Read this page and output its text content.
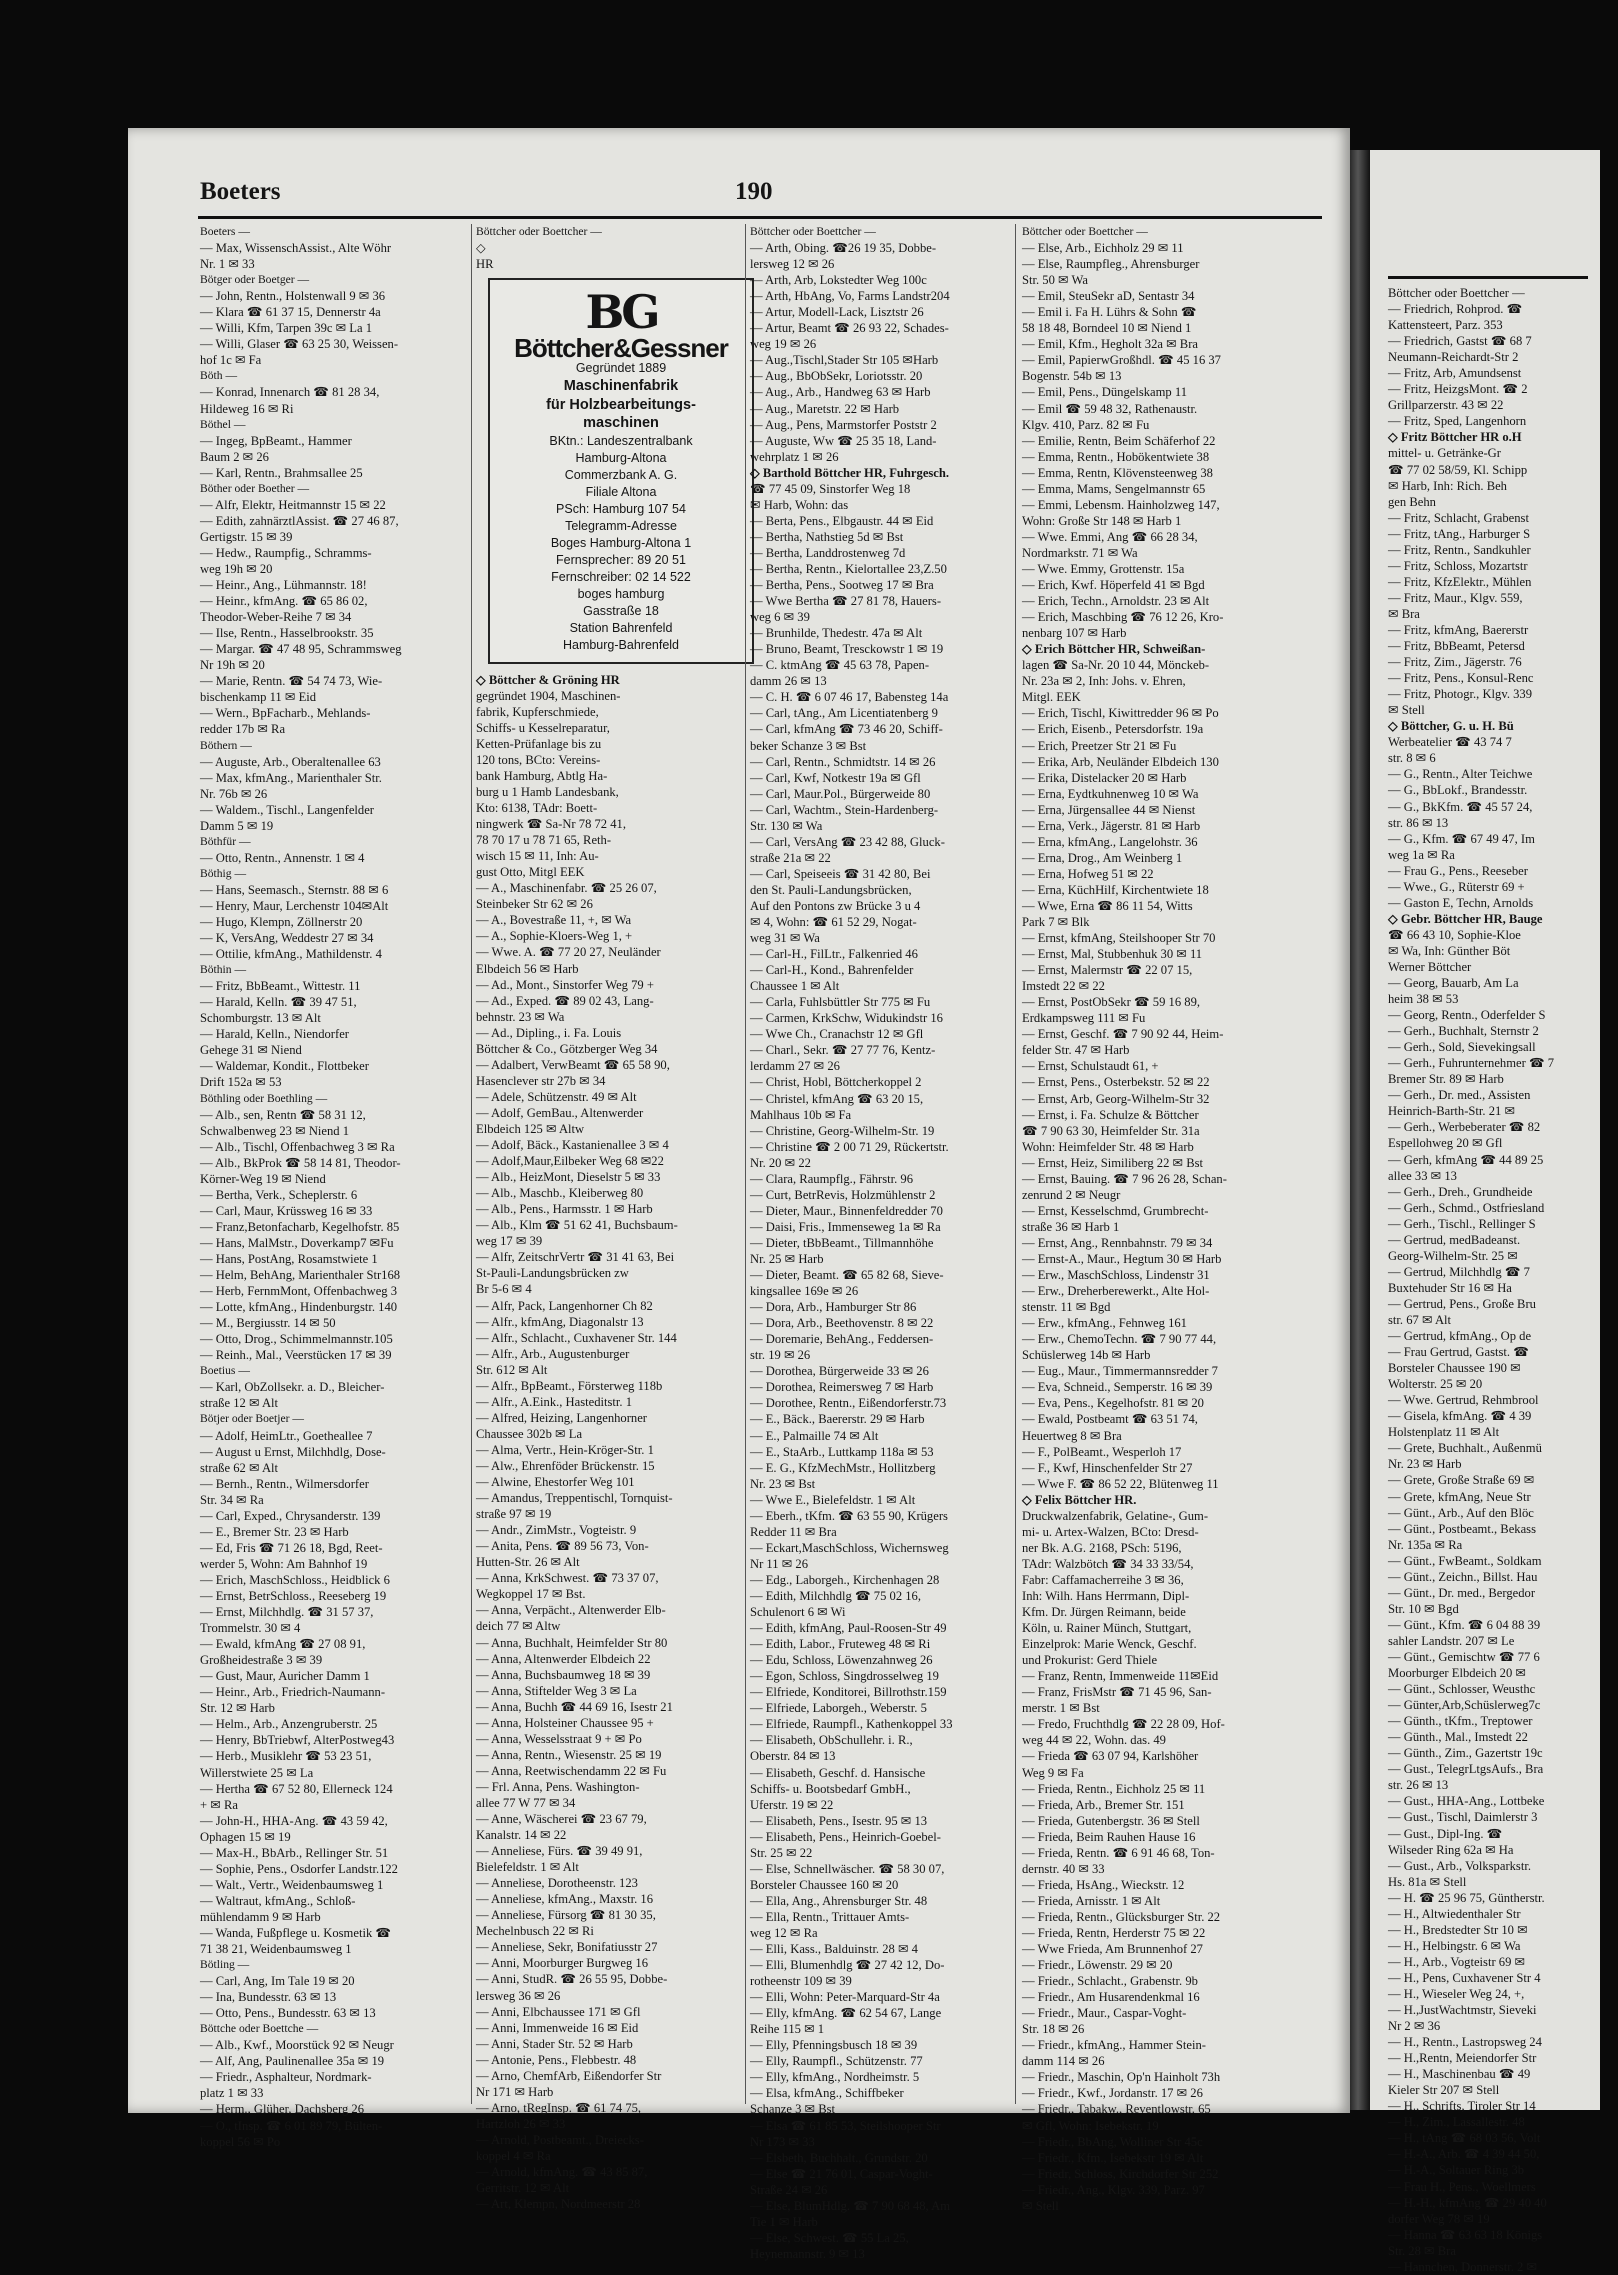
Boeters	190
Boeters —
— Max, WissenschAssist., Alte Wöhr
Nr. 1 ✉ 33
Bötger oder Boetger —
— John, Rentn., Holstenwall 9 ✉ 36
— Klara ☎ 61 37 15, Dennerstr 4a
— Willi, Kfm, Tarpen 39c ✉ La 1
— Willi, Glaser ☎ 63 25 30, Weissen-
hof 1c ✉ Fa
Böth —
— Konrad, Innenarch ☎ 81 28 34,
Hildeweg 16 ✉ Ri
Böthel —
— Ingeg, BpBeamt., Hammer
Baum 2 ✉ 26
— Karl, Rentn., Brahmsallee 25
Böther oder Boether —
— Alfr, Elektr, Heitmannstr 15 ✉ 22
— Edith, zahnärztlAssist. ☎ 27 46 87,
Gertigstr. 15 ✉ 39
— Hedw., Raumpfig., Schramms-
weg 19h ✉ 20
— Heinr., Ang., Lühmannstr. 18!
— Heinr., kfmAng. ☎ 65 86 02,
Theodor-Weber-Reihe 7 ✉ 34
— Ilse, Rentn., Hasselbrookstr. 35
— Margar. ☎ 47 48 95, Schrammsweg
Nr 19h ✉ 20
— Marie, Rentn. ☎ 54 74 73, Wie-
bischenkamp 11 ✉ Eid
— Wern., BpFacharb., Mehlands-
redder 17b ✉ Ra
Böthern —
— Auguste, Arb., Oberaltenallee 63
— Max, kfmAng., Marienthaler Str.
Nr. 76b ✉ 26
— Waldem., Tischl., Langenfelder
Damm 5 ✉ 19
Böthfür —
— Otto, Rentn., Annenstr. 1 ✉ 4
Böthig —
— Hans, Seemasch., Sternstr. 88 ✉ 6
— Henry, Maur, Lerchenstr 104✉Alt
— Hugo, Klempn, Zöllnerstr 20
— K, VersAng, Weddestr 27 ✉ 34
— Ottilie, kfmAng., Mathildenstr. 4
Böthin —
— Fritz, BbBeamt., Wittestr. 11
— Harald, Kelln. ☎ 39 47 51,
Schomburgstr. 13 ✉ Alt
— Harald, Kelln., Niendorfer
Gehege 31 ✉ Niend
— Waldemar, Kondit., Flottbeker
Drift 152a ✉ 53
Böthling oder Boethling —
— Alb., sen, Rentn ☎ 58 31 12,
Schwalbenweg 23 ✉ Niend 1
— Alb., Tischl, Offenbachweg 3 ✉ Ra
— Alb., BkProk ☎ 58 14 81, Theodor-
Körner-Weg 19 ✉ Niend
— Bertha, Verk., Scheplerstr. 6
— Carl, Maur, Krüssweg 16 ✉ 33
— Franz,Betonfacharb, Kegelhofstr. 85
— Hans, MalMstr., Doverkamp7 ✉Fu
— Hans, PostAng, Rosamstwiete 1
— Helm, BehAng, Marienthaler Str168
— Herb, FernmMont, Offenbachweg 3
— Lotte, kfmAng., Hindenburgstr. 140
— M., Bergiusstr. 14 ✉ 50
— Otto, Drog., Schimmelmannstr.105
— Reinh., Mal., Veerstücken 17 ✉ 39
Boetius —
— Karl, ObZollsekr. a. D., Bleicher-
straße 12 ✉ Alt
Bötjer oder Boetjer —
— Adolf, HeimLtr., Goetheallee 7
— August u Ernst, Milchhdlg, Dose-
straße 62 ✉ Alt
— Bernh., Rentn., Wilmersdorfer
Str. 34 ✉ Ra
— Carl, Exped., Chrysanderstr. 139
— E., Bremer Str. 23 ✉ Harb
— Ed, Fris ☎ 71 26 18, Bgd, Reet-
werder 5, Wohn: Am Bahnhof 19
— Erich, MaschSchloss., Heidblick 6
— Ernst, BetrSchloss., Reeseberg 19
— Ernst, Milchhdlg. ☎ 31 57 37,
Trommelstr. 30 ✉ 4
— Ewald, kfmAng ☎ 27 08 91,
Großheidestraße 3 ✉ 39
— Gust, Maur, Auricher Damm 1
— Heinr., Arb., Friedrich-Naumann-
Str. 12 ✉ Harb
— Helm., Arb., Anzengruberstr. 25
— Henry, BbTriebwf, AlterPostweg43
— Herb., Musiklehr ☎ 53 23 51,
Willerstwiete 25 ✉ La
— Hertha ☎ 67 52 80, Ellerneck 124
+ ✉ Ra
— John-H., HHA-Ang. ☎ 43 59 42,
Ophagen 15 ✉ 19
— Max-H., BbArb., Rellinger Str. 51
— Sophie, Pens., Osdorfer Landstr.122
— Walt., Vertr., Weidenbaumsweg 1
— Waltraut, kfmAng., Schloß-
mühlendamm 9 ✉ Harb
— Wanda, Fußpflege u. Kosmetik ☎
71 38 21, Weidenbaumsweg 1
Bötling —
— Carl, Ang, Im Tale 19 ✉ 20
— Ina, Bundesstr. 63 ✉ 13
— Otto, Pens., Bundesstr. 63 ✉ 13
Böttche oder Boettche —
— Alb., Kwf., Moorstück 92 ✉ Neugr
— Alf, Ang, Paulinenallee 35a ✉ 19
— Friedr., Asphalteur, Nordmark-
platz 1 ✉ 33
— Herm., Glüher, Dachsberg 26
— O., tInsp. ☎ 6 01 89 79, Bülten-
koppel 56 ✉ Po
Böttcher oder Boettcher —
◇
HR
BG
Böttcher&Gessner
Gegründet 1889
Maschinenfabrik
für Holzbearbeitungs-
maschinen
BKtn.: Landeszentralbank
Hamburg-Altona
Commerzbank A. G.
Filiale Altona
PSch: Hamburg 107 54
Telegramm-Adresse
Boges Hamburg-Altona 1
Fernsprecher: 89 20 51
Fernschreiber: 02 14 522
boges hamburg
Gasstraße 18
Station Bahrenfeld
Hamburg-Bahrenfeld
◇ Böttcher & Gröning HR
gegründet 1904, Maschinen-
fabrik, Kupferschmiede,
Schiffs- u Kesselreparatur,
Ketten-Prüfanlage bis zu
120 tons, BCto: Vereins-
bank Hamburg, Abtlg Ha-
burg u 1 Hamb Landesbank,
Kto: 6138, TAdr: Boett-
ningwerk ☎ Sa-Nr 78 72 41,
78 70 17 u 78 71 65, Reth-
wisch 15 ✉ 11, Inh: Au-
gust Otto, Mitgl EEK
— A., Maschinenfabr. ☎ 25 26 07,
Steinbeker Str 62 ✉ 26
— A., Bovestraße 11, +, ✉ Wa
— A., Sophie-Kloers-Weg 1, +
— Wwe. A. ☎ 77 20 27, Neuländer
Elbdeich 56 ✉ Harb
— Ad., Mont., Sinstorfer Weg 79 +
— Ad., Exped. ☎ 89 02 43, Lang-
behnstr. 23 ✉ Wa
— Ad., Dipling., i. Fa. Louis
Böttcher & Co., Götzberger Weg 34
— Adalbert, VerwBeamt ☎ 65 58 90,
Hasenclever str 27b ✉ 34
— Adele, Schützenstr. 49 ✉ Alt
— Adolf, GemBau., Altenwerder
Elbdeich 125 ✉ Altw
— Adolf, Bäck., Kastanienallee 3 ✉ 4
— Adolf,Maur,Eilbeker Weg 68 ✉22
— Alb., HeizMont, Dieselstr 5 ✉ 33
— Alb., Maschb., Kleiberweg 80
— Alb., Pens., Harmsstr. 1 ✉ Harb
— Alb., Klm ☎ 51 62 41, Buchsbaum-
weg 17 ✉ 39
— Alfr, ZeitschrVertr ☎ 31 41 63, Bei
St-Pauli-Landungsbrücken zw
Br 5-6 ✉ 4
— Alfr, Pack, Langenhorner Ch 82
— Alfr., kfmAng, Diagonalstr 13
— Alfr., Schlacht., Cuxhavener Str. 144
— Alfr., Arb., Augustenburger
Str. 612 ✉ Alt
— Alfr., BpBeamt., Försterweg 118b
— Alfr., A.Eink., Hasteditstr. 1
— Alfred, Heizing, Langenhorner
Chaussee 302b ✉ La
— Alma, Vertr., Hein-Kröger-Str. 1
— Alw., Ehrenföder Brückenstr. 15
— Alwine, Ehestorfer Weg 101
— Amandus, Treppentischl, Tornquist-
straße 97 ✉ 19
— Andr., ZimMstr., Vogteistr. 9
— Anita, Pens. ☎ 89 56 73, Von-
Hutten-Str. 26 ✉ Alt
— Anna, KrkSchwest. ☎ 73 37 07,
Wegkoppel 17 ✉ Bst.
— Anna, Verpächt., Altenwerder Elb-
deich 77 ✉ Altw
— Anna, Buchhalt, Heimfelder Str 80
— Anna, Altenwerder Elbdeich 22
— Anna, Buchsbaumweg 18 ✉ 39
— Anna, Stiftelder Weg 3 ✉ La
— Anna, Buchh ☎ 44 69 16, Isestr 21
— Anna, Holsteiner Chaussee 95 +
— Anna, Wesselsstraat 9 + ✉ Po
— Anna, Rentn., Wiesenstr. 25 ✉ 19
— Anna, Reetwischendamm 22 ✉ Fu
— Frl. Anna, Pens. Washington-
allee 77 W 77 ✉ 34
— Anne, Wäscherei ☎ 23 67 79,
Kanalstr. 14 ✉ 22
— Anneliese, Fürs. ☎ 39 49 91,
Bielefeldstr. 1 ✉ Alt
— Anneliese, Dorotheenstr. 123
— Anneliese, kfmAng., Maxstr. 16
— Anneliese, Fürsorg ☎ 81 30 35,
Mechelnbusch 22 ✉ Ri
— Anneliese, Sekr, Bonifatiusstr 27
— Anni, Moorburger Burgweg 16
— Anni, StudR. ☎ 26 55 95, Dobbe-
lersweg 36 ✉ 26
— Anni, Elbchaussee 171 ✉ Gfl
— Anni, Immenweide 16 ✉ Eid
— Anni, Stader Str. 52 ✉ Harb
— Antonie, Pens., Flebbestr. 48
— Arno, ChemfArb, Eißendorfer Str
Nr 171 ✉ Harb
— Arno, tRegInsp. ☎ 61 74 75,
Hartzloh 26 ✉ 33
— Arnold, Postbeamt., Dreiecks-
koppel 4 ✉ Ra
— Arnold, kfmAng. ☎ 43 85 87,
Gerritstr. 12 ✉ Alt
— Art, Klempn, Nordmeerstr 28
Böttcher oder Boettcher —
— Arth, Obing. ☎26 19 35, Dobbe-
lersweg 12 ✉ 26
— Arth, Arb, Lokstedter Weg 100c
— Arth, HbAng, Vo, Farms Landstr204
— Artur, Modell-Lack, Lisztstr 26
— Artur, Beamt ☎ 26 93 22, Schades-
weg 19 ✉ 26
— Aug.,Tischl,Stader Str 105 ✉Harb
— Aug., BbObSekr, Loriotsstr. 20
— Aug., Arb., Handweg 63 ✉ Harb
— Aug., Maretstr. 22 ✉ Harb
— Aug., Pens, Marmstorfer Poststr 2
— Auguste, Ww ☎ 25 35 18, Land-
wehrplatz 1 ✉ 26
◇ Barthold Böttcher HR, Fuhrgesch.
☎ 77 45 09, Sinstorfer Weg 18
✉ Harb, Wohn: das
— Berta, Pens., Elbgaustr. 44 ✉ Eid
— Bertha, Nathstieg 5d ✉ Bst
— Bertha, Landdrostenweg 7d
— Bertha, Rentn., Kielortallee 23,Z.50
— Bertha, Pens., Sootweg 17 ✉ Bra
— Wwe Bertha ☎ 27 81 78, Hauers-
weg 6 ✉ 39
— Brunhilde, Thedestr. 47a ✉ Alt
— Bruno, Beamt, Tresckowstr 1 ✉ 19
— C. ktmAng ☎ 45 63 78, Papen-
damm 26 ✉ 13
— C. H. ☎ 6 07 46 17, Babensteg 14a
— Carl, tAng., Am Licentiatenberg 9
— Carl, kfmAng ☎ 73 46 20, Schiff-
beker Schanze 3 ✉ Bst
— Carl, Rentn., Schmidtstr. 14 ✉ 26
— Carl, Kwf, Notkestr 19a ✉ Gfl
— Carl, Maur.Pol., Bürgerweide 80
— Carl, Wachtm., Stein-Hardenberg-
Str. 130 ✉ Wa
— Carl, VersAng ☎ 23 42 88, Gluck-
straße 21a ✉ 22
— Carl, Speiseeis ☎ 31 42 80, Bei
den St. Pauli-Landungsbrücken,
Auf den Pontons zw Brücke 3 u 4
✉ 4, Wohn: ☎ 61 52 29, Nogat-
weg 31 ✉ Wa
— Carl-H., FilLtr., Falkenried 46
— Carl-H., Kond., Bahrenfelder
Chaussee 1 ✉ Alt
— Carla, Fuhlsbüttler Str 775 ✉ Fu
— Carmen, KrkSchw, Widukindstr 16
— Wwe Ch., Cranachstr 12 ✉ Gfl
— Charl., Sekr. ☎ 27 77 76, Kentz-
lerdamm 27 ✉ 26
— Christ, Hobl, Böttcherkoppel 2
— Christel, kfmAng ☎ 63 20 15,
Mahlhaus 10b ✉ Fa
— Christine, Georg-Wilhelm-Str. 19
— Christine ☎ 2 00 71 29, Rückertstr.
Nr. 20 ✉ 22
— Clara, Raumpflg., Fährstr. 96
— Curt, BetrRevis, Holzmühlenstr 2
— Dieter, Maur., Binnenfeldredder 70
— Daisi, Fris., Immenseweg 1a ✉ Ra
— Dieter, tBbBeamt., Tillmannhöhe
Nr. 25 ✉ Harb
— Dieter, Beamt. ☎ 65 82 68, Sieve-
kingsallee 169e ✉ 26
— Dora, Arb., Hamburger Str 86
— Dora, Arb., Beethovenstr. 8 ✉ 22
— Doremarie, BehAng., Feddersen-
str. 19 ✉ 26
— Dorothea, Bürgerweide 33 ✉ 26
— Dorothea, Reimersweg 7 ✉ Harb
— Dorothee, Rentn., Eißendorferstr.73
— E., Bäck., Baererstr. 29 ✉ Harb
— E., Palmaille 74 ✉ Alt
— E., StaArb., Luttkamp 118a ✉ 53
— E. G., KfzMechMstr., Hollitzberg
Nr. 23 ✉ Bst
— Wwe E., Bielefeldstr. 1 ✉ Alt
— Eberh., tKfm. ☎ 63 55 90, Krügers
Redder 11 ✉ Bra
— Eckart,MaschSchloss, Wichernsweg
Nr 11 ✉ 26
— Edg., Laborgeh., Kirchenhagen 28
— Edith, Milchhdlg ☎ 75 02 16,
Schulenort 6 ✉ Wi
— Edith, kfmAng, Paul-Roosen-Str 49
— Edith, Labor., Fruteweg 48 ✉ Ri
— Edu, Schloss, Löwenzahnweg 26
— Egon, Schloss, Singdrosselweg 19
— Elfriede, Konditorei, Billrothstr.159
— Elfriede, Laborgeh., Weberstr. 5
— Elfriede, Raumpfl., Kathenkoppel 33
— Elisabeth, ObSchullehr. i. R.,
Oberstr. 84 ✉ 13
— Elisabeth, Geschf. d. Hansische
Schiffs- u. Bootsbedarf GmbH.,
Uferstr. 19 ✉ 22
— Elisabeth, Pens., Isestr. 95 ✉ 13
— Elisabeth, Pens., Heinrich-Goebel-
Str. 25 ✉ 22
— Else, Schnellwäscher. ☎ 58 30 07,
Borsteler Chaussee 160 ✉ 20
— Ella, Ang., Ahrensburger Str. 48
— Ella, Rentn., Trittauer Amts-
weg 12 ✉ Ra
— Elli, Kass., Balduinstr. 28 ✉ 4
— Elli, Blumenhdlg ☎ 27 42 12, Do-
rotheenstr 109 ✉ 39
— Elli, Wohn: Peter-Marquard-Str 4a
— Elly, kfmAng. ☎ 62 54 67, Lange
Reihe 115 ✉ 1
— Elly, Pfenningsbusch 18 ✉ 39
— Elly, Raumpfl., Schützenstr. 77
— Elly, kfmAng., Nordheimstr. 5
— Elsa, kfmAng., Schiffbeker
Schanze 3 ✉ Bst
— Elsa ☎ 61 85 53, Steilshooper Str
Nr 173 ✉ 33
— Elsbeth, Buchhalt., Grundstr. 20
— Else ☎ 21 76 01, Caspar-Voght-
Straße 24 ✉ 26
— Else, BlumHdlg. ☎ 7 90 68 48, Am
Tie 1 ✉ Harb
— Else, Schwest. ☎ 55 La 25,
Heynemannstr. 9 ✉ 13
Böttcher oder Boettcher —
— Else, Arb., Eichholz 29 ✉ 11
— Else, Raumpfleg., Ahrensburger
Str. 50 ✉ Wa
— Emil, SteuSekr aD, Sentastr 34
— Emil i. Fa H. Lührs & Sohn ☎
58 18 48, Borndeel 10 ✉ Niend 1
— Emil, Kfm., Hegholt 32a ✉ Bra
— Emil, PapierwGroßhdl. ☎ 45 16 37
Bogenstr. 54b ✉ 13
— Emil, Pens., Düngelskamp 11
— Emil ☎ 59 48 32, Rathenaustr.
Klgv. 410, Parz. 82 ✉ Fu
— Emilie, Rentn, Beim Schäferhof 22
— Emma, Rentn., Hobökentwiete 38
— Emma, Rentn, Klövensteenweg 38
— Emma, Mams, Sengelmannstr 65
— Emmi, Lebensm. Hainholzweg 147,
Wohn: Große Str 148 ✉ Harb 1
— Wwe. Emmi, Ang ☎ 66 28 34,
Nordmarkstr. 71 ✉ Wa
— Wwe. Emmy, Grottenstr. 15a
— Erich, Kwf. Höperfeld 41 ✉ Bgd
— Erich, Techn., Arnoldstr. 23 ✉ Alt
— Erich, Maschbing ☎ 76 12 26, Kro-
nenbarg 107 ✉ Harb
◇ Erich Böttcher HR, Schweißan-
lagen ☎ Sa-Nr. 20 10 44, Mönckeb-
Nr. 23a ✉ 2, Inh: Johs. v. Ehren,
Mitgl. EEK
— Erich, Tischl, Kiwittredder 96 ✉ Po
— Erich, Eisenb., Petersdorfstr. 19a
— Erich, Preetzer Str 21 ✉ Fu
— Erika, Arb, Neuländer Elbdeich 130
— Erika, Distelacker 20 ✉ Harb
— Erna, Eydtkuhnenweg 10 ✉ Wa
— Erna, Jürgensallee 44 ✉ Nienst
— Erna, Verk., Jägerstr. 81 ✉ Harb
— Erna, kfmAng., Langelohstr. 36
— Erna, Drog., Am Weinberg 1
— Erna, Hofweg 51 ✉ 22
— Erna, KüchHilf, Kirchentwiete 18
— Wwe, Erna ☎ 86 11 54, Witts
Park 7 ✉ Blk
— Ernst, kfmAng, Steilshooper Str 70
— Ernst, Mal, Stubbenhuk 30 ✉ 11
— Ernst, Malermstr ☎ 22 07 15,
Imstedt 22 ✉ 22
— Ernst, PostObSekr ☎ 59 16 89,
Erdkampsweg 111 ✉ Fu
— Ernst, Geschf. ☎ 7 90 92 44, Heim-
felder Str. 47 ✉ Harb
— Ernst, Schulstaudt 61, +
— Ernst, Pens., Osterbekstr. 52 ✉ 22
— Ernst, Arb, Georg-Wilhelm-Str 32
— Ernst, i. Fa. Schulze & Böttcher
☎ 7 90 63 30, Heimfelder Str. 31a
Wohn: Heimfelder Str. 48 ✉ Harb
— Ernst, Heiz, Similiberg 22 ✉ Bst
— Ernst, Bauing. ☎ 7 96 26 28, Schan-
zenrund 2 ✉ Neugr
— Ernst, Kesselschmd, Grumbrecht-
straße 36 ✉ Harb 1
— Ernst, Ang., Rennbahnstr. 79 ✉ 34
— Ernst-A., Maur., Hegtum 30 ✉ Harb
— Erw., MaschSchloss, Lindenstr 31
— Erw., Dreherberewerkt., Alte Hol-
stenstr. 11 ✉ Bgd
— Erw., kfmAng., Fehnweg 161
— Erw., ChemoTechn. ☎ 7 90 77 44,
Schüslerweg 14b ✉ Harb
— Eug., Maur., Timmermannsredder 7
— Eva, Schneid., Semperstr. 16 ✉ 39
— Eva, Pens., Kegelhofstr. 81 ✉ 20
— Ewald, Postbeamt ☎ 63 51 74,
Heuertweg 8 ✉ Bra
— F., PolBeamt., Wesperloh 17
— F., Kwf, Hinschenfelder Str 27
— Wwe F. ☎ 86 52 22, Blütenweg 11
◇ Felix Böttcher HR.
Druckwalzenfabrik, Gelatine-, Gum-
mi- u. Artex-Walzen, BCto: Dresd-
ner Bk. A.G. 2168, PSch: 5196,
TAdr: Walzbötch ☎ 34 33 33/54,
Fabr: Caffamacherreihe 3 ✉ 36,
Inh: Wilh. Hans Herrmann, Dipl-
Kfm. Dr. Jürgen Reimann, beide
Köln, u. Rainer Münch, Stuttgart,
Einzelprok: Marie Wenck, Geschf.
und Prokurist: Gerd Thiele
— Franz, Rentn, Immenweide 11✉Eid
— Franz, FrisMstr ☎ 71 45 96, San-
merstr. 1 ✉ Bst
— Fredo, Fruchthdlg ☎ 22 28 09, Hof-
weg 44 ✉ 22, Wohn. das. 49
— Frieda ☎ 63 07 94, Karlshöher
Weg 9 ✉ Fa
— Frieda, Rentn., Eichholz 25 ✉ 11
— Frieda, Arb., Bremer Str. 151
— Frieda, Gutenbergstr. 36 ✉ Stell
— Frieda, Beim Rauhen Hause 16
— Frieda, Rentn. ☎ 6 91 46 68, Ton-
dernstr. 40 ✉ 33
— Frieda, HsAng., Wieckstr. 12
— Frieda, Arnisstr. 1 ✉ Alt
— Frieda, Rentn., Glücksburger Str. 22
— Frieda, Rentn, Herderstr 75 ✉ 22
— Wwe Frieda, Am Brunnenhof 27
— Friedr., Löwenstr. 29 ✉ 20
— Friedr., Schlacht., Grabenstr. 9b
— Friedr., Am Husarendenkmal 16
— Friedr., Maur., Caspar-Voght-
Str. 18 ✉ 26
— Friedr., kfmAng., Hammer Stein-
damm 114 ✉ 26
— Friedr., Maschin, Op'n Hainholt 73h
— Friedr., Kwf., Jordanstr. 17 ✉ 26
— Friedr., Tabakw., Reventlowstr. 65
✉ Gfl, Wohn: Isebekstr. 19
— Friedr., BbAng, Wolliner Str 45c
— Friedr., Kfm., Isebekstr 19 ✉ Alt
— Friedr, Schloss, Kirchdorfer Str 252
— Friedr., Ang., Klgv. 339, Parz. 97
✉ Stell
Böttcher oder Boettcher —
— Friedrich, Rohprod. ☎
Kattensteert, Parz. 353
— Friedrich, Gastst ☎ 68 7
Neumann-Reichardt-Str 2
— Fritz, Arb, Amundsenst
— Fritz, HeizgsMont. ☎ 2
Grillparzerstr. 43 ✉ 22
— Fritz, Sped, Langenhorn
◇ Fritz Böttcher HR o.H
mittel- u. Getränke-Gr
☎ 77 02 58/59, Kl. Schipp
✉ Harb, Inh: Rich. Beh
gen Behn
— Fritz, Schlacht, Grabenst
— Fritz, tAng., Harburger S
— Fritz, Rentn., Sandkuhler
— Fritz, Schloss, Mozartstr
— Fritz, KfzElektr., Mühlen
— Fritz, Maur., Klgv. 559,
✉ Bra
— Fritz, kfmAng, Baererstr
— Fritz, BbBeamt, Petersd
— Fritz, Zim., Jägerstr. 76
— Fritz, Pens., Konsul-Renc
— Fritz, Photogr., Klgv. 339
✉ Stell
◇ Böttcher, G. u. H. Bü
Werbeatelier ☎ 43 74 7
str. 8 ✉ 6
— G., Rentn., Alter Teichwe
— G., BbLokf., Brandesstr.
— G., BkKfm. ☎ 45 57 24,
str. 86 ✉ 13
— G., Kfm. ☎ 67 49 47, Im
weg 1a ✉ Ra
— Frau G., Pens., Reeseber
— Wwe., G., Rüterstr 69 +
— Gaston E, Techn, Arnolds
◇ Gebr. Böttcher HR, Bauge
☎ 66 43 10, Sophie-Kloe
✉ Wa, Inh: Günther Böt
Werner Böttcher
— Georg, Bauarb, Am La
heim 38 ✉ 53
— Georg, Rentn., Oderfelder S
— Gerh., Buchhalt, Sternstr 2
— Gerh., Sold, Sievekingsall
— Gerh., Fuhrunternehmer ☎ 7
Bremer Str. 89 ✉ Harb
— Gerh., Dr. med., Assisten
Heinrich-Barth-Str. 21 ✉
— Gerh., Werbeberater ☎ 82
Espellohweg 20 ✉ Gfl
— Gerh, kfmAng ☎ 44 89 25
allee 33 ✉ 13
— Gerh., Dreh., Grundheide
— Gerh., Schmd., Ostfriesland
— Gerh., Tischl., Rellinger S
— Gertrud, medBadeanst.
Georg-Wilhelm-Str. 25 ✉
— Gertrud, Milchhdlg ☎ 7
Buxtehuder Str 16 ✉ Ha
— Gertrud, Pens., Große Bru
str. 67 ✉ Alt
— Gertrud, kfmAng., Op de
— Frau Gertrud, Gastst. ☎
Borsteler Chaussee 190 ✉
Wolterstr. 25 ✉ 20
— Wwe. Gertrud, Rehmbrool
— Gisela, kfmAng. ☎ 4 39
Holstenplatz 11 ✉ Alt
— Grete, Buchhalt., Außenmü
Nr. 23 ✉ Harb
— Grete, Große Straße 69 ✉
— Grete, kfmAng, Neue Str
— Günt., Arb., Auf den Blöc
— Günt., Postbeamt., Bekass
Nr. 135a ✉ Ra
— Günt., FwBeamt., Soldkam
— Günt., Zeichn., Billst. Hau
— Günt., Dr. med., Bergedor
Str. 10 ✉ Bgd
— Günt., Kfm. ☎ 6 04 88 39
sahler Landstr. 207 ✉ Le
— Günt., Gemischtw ☎ 77 6
Moorburger Elbdeich 20 ✉
— Günt., Schlosser, Weusthc
— Günter,Arb,Schüslerweg7c
— Günth., tKfm., Treptower
— Günth., Mal., Imstedt 22
— Günth., Zim., Gazertstr 19c
— Gust., TelegrLtgsAufs., Bra
str. 26 ✉ 13
— Gust., HHA-Ang., Lottbeke
— Gust., Tischl, Daimlerstr 3
— Gust., Dipl-Ing. ☎
Wilseder Ring 62a ✉ Ha
— Gust., Arb., Volksparkstr.
Hs. 81a ✉ Stell
— H. ☎ 25 96 75, Güntherstr.
— H., Altwiedenthaler Str
— H., Bredstedter Str 10 ✉
— H., Helbingstr. 6 ✉ Wa
— H., Arb., Vogteistr 69 ✉
— H., Pens, Cuxhavener Str 4
— H., Wieseler Weg 24, +,
— H.,JustWachtmstr, Sieveki
Nr 2 ✉ 36
— H., Rentn., Lastropsweg 24
— H.,Rentn, Meiendorfer Str
— H., Maschinenbau ☎ 49
Kieler Str 207 ✉ Stell
— H., Schrifts, Tiroler Str 14
— H., Zim., Lassallestr. 48
— H., tAng ☎ 68 03 56, Volt
— H.-A., Arb. ☎ 4 39 44 50,
— H.-A., Soltauer Ring 3b
— Frau H., Pens., Woellmers
— H.-H., kfmAng ☎ 29 40 40
dorfer Weg 78 ✉ 19
— Hanna ☎ 63 63 18 Königs
Str. 28 ✉ Bra
— Hannchen, Donnerstr. 2 ✉
